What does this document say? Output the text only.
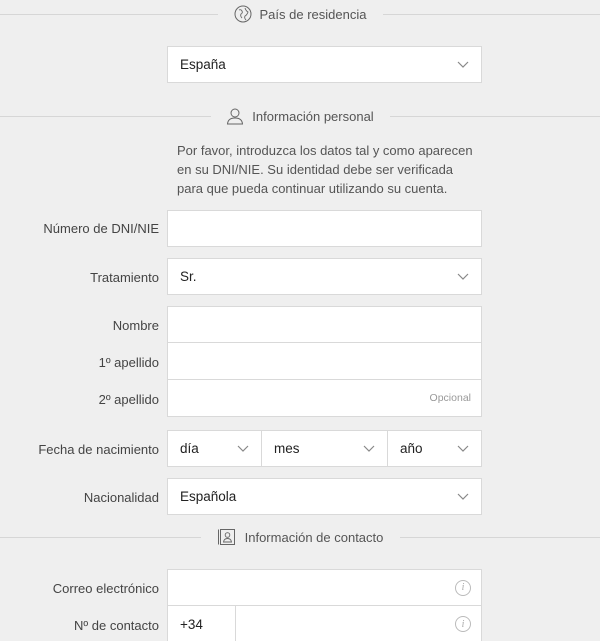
País de residencia
España
Información personal
Por favor, introduzca los datos tal y como aparecen en su DNI/NIE. Su identidad debe ser verificada para que pueda continuar utilizando su cuenta.
Número de DNI/NIE
Tratamiento Sr.
Nombre
1º apellido
2º apellido	Opcional
Fecha de nacimiento día	mes	año
Nacionalidad Española
Información de contacto
Correo electrónico	i
Nº de contacto +34	i
